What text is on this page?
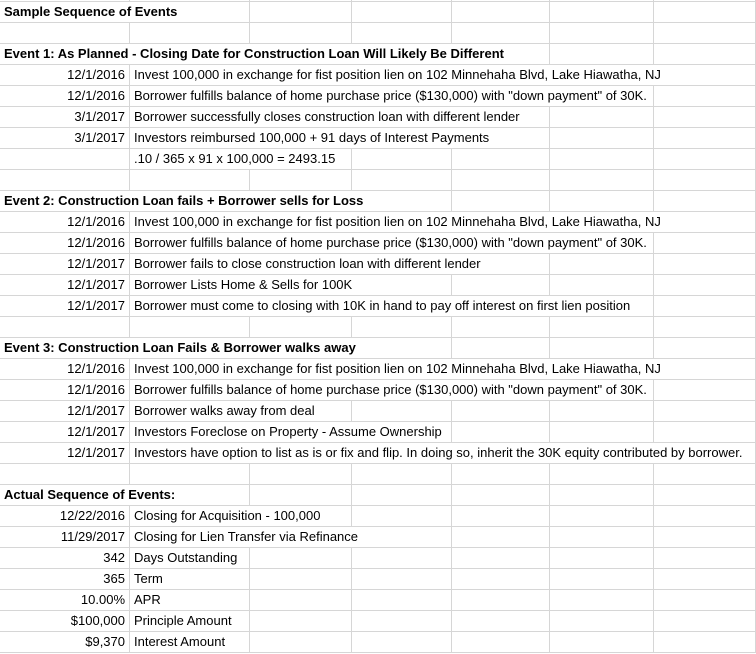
Sample Sequence of Events
Event 1: As Planned - Closing Date for Construction Loan Will Likely Be Different
12/1/2016 Invest 100,000 in exchange for fist position lien on 102 Minnehaha Blvd, Lake Hiawatha, NJ
12/1/2016 Borrower fulfills balance of home purchase price ($130,000) with "down payment" of 30K.
3/1/2017 Borrower successfully closes construction loan with different lender
3/1/2017 Investors reimbursed 100,000 + 91 days of Interest Payments
.10 / 365 x 91 x 100,000 = 2493.15
Event 2: Construction Loan fails + Borrower sells for Loss
12/1/2016 Invest 100,000 in exchange for fist position lien on 102 Minnehaha Blvd, Lake Hiawatha, NJ
12/1/2016 Borrower fulfills balance of home purchase price ($130,000) with "down payment" of 30K.
12/1/2017 Borrower fails to close construction loan with different lender
12/1/2017 Borrower Lists Home & Sells for 100K
12/1/2017 Borrower must come to closing with 10K in hand to pay off interest on first lien position
Event 3: Construction Loan Fails & Borrower walks away
12/1/2016 Invest 100,000 in exchange for fist position lien on 102 Minnehaha Blvd, Lake Hiawatha, NJ
12/1/2016 Borrower fulfills balance of home purchase price ($130,000) with "down payment" of 30K.
12/1/2017 Borrower walks away from deal
12/1/2017 Investors Foreclose on Property - Assume Ownership
12/1/2017 Investors have option to list as is or fix and flip. In doing so, inherit the 30K equity contributed by borrower.
Actual Sequence of Events:
12/22/2016 Closing for Acquisition - 100,000
11/29/2017 Closing for Lien Transfer via Refinance
342 Days Outstanding
365 Term
10.00% APR
$100,000 Principle Amount
$9,370 Interest Amount
